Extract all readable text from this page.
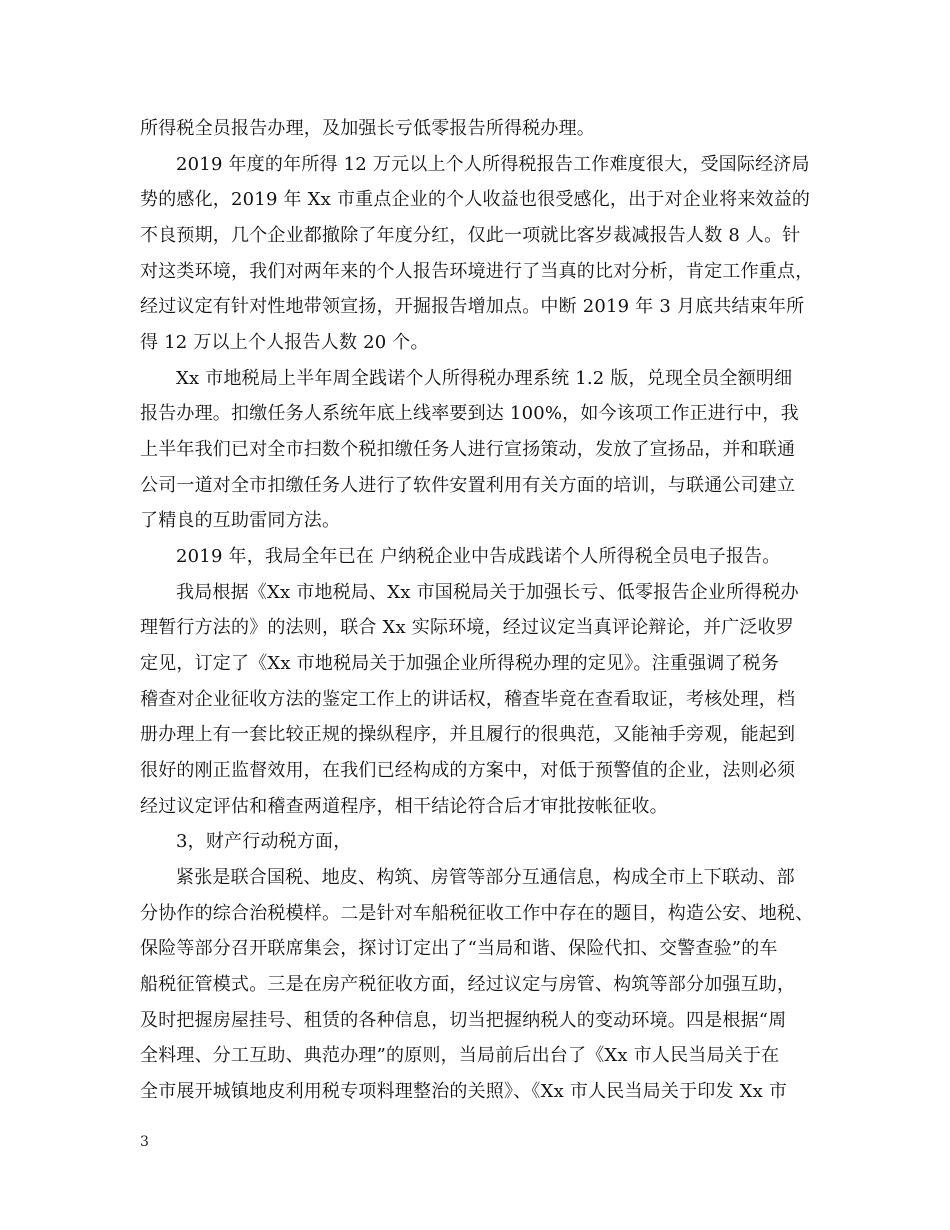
所得税全员报告办理，及加强长亏低零报告所得税办理。

2019 年度的年所得 12 万元以上个人所得税报告工作难度很大，受国际经济局

势的感化，2019 年 Xx 市重点企业的个人收益也很受感化，出于对企业将来效益的

不良预期，几个企业都撤除了年度分红，仅此一项就比客岁裁减报告人数 8 人。针

对这类环境，我们对两年来的个人报告环境进行了当真的比对分析，肯定工作重点，

经过议定有针对性地带领宣扬，开掘报告增加点。中断 2019 年 3 月底共结束年所

得 12 万以上个人报告人数 20 个。

Xx 市地税局上半年周全践诺个人所得税办理系统 1.2 版，兑现全员全额明细

报告办理。扣缴任务人系统年底上线率要到达 100%，如今该项工作正进行中，我

上半年我们已对全市扫数个税扣缴任务人进行宣扬策动，发放了宣扬品，并和联通

公司一道对全市扣缴任务人进行了软件安置利用有关方面的培训，与联通公司建立

了精良的互助雷同方法。

2019 年，我局全年已在 户纳税企业中告成践诺个人所得税全员电子报告。

我局根据《Xx 市地税局、Xx 市国税局关于加强长亏、低零报告企业所得税办

理暂行方法的》的法则，联合 Xx 实际环境，经过议定当真评论辩论，并广泛收罗

定见，订定了《Xx 市地税局关于加强企业所得税办理的定见》。注重强调了税务

稽查对企业征收方法的鉴定工作上的讲话权，稽查毕竟在查看取证，考核处理，档

册办理上有一套比较正规的操纵程序，并且履行的很典范，又能袖手旁观，能起到

很好的刚正监督效用，在我们已经构成的方案中，对低于预警值的企业，法则必须

经过议定评估和稽查两道程序，相干结论符合后才审批按帐征收。

3，财产行动税方面，

紧张是联合国税、地皮、构筑、房管等部分互通信息，构成全市上下联动、部

分协作的综合治税模样。二是针对车船税征收工作中存在的题目，构造公安、地税、

保险等部分召开联席集会，探讨订定出了“当局和谐、保险代扣、交警查验”的车

船税征管模式。三是在房产税征收方面，经过议定与房管、构筑等部分加强互助，

及时把握房屋挂号、租赁的各种信息，切当把握纳税人的变动环境。四是根据“周

全料理、分工互助、典范办理”的原则，当局前后出台了《Xx 市人民当局关于在

全市展开城镇地皮利用税专项料理整治的关照》、《Xx 市人民当局关于印发 Xx 市

3
